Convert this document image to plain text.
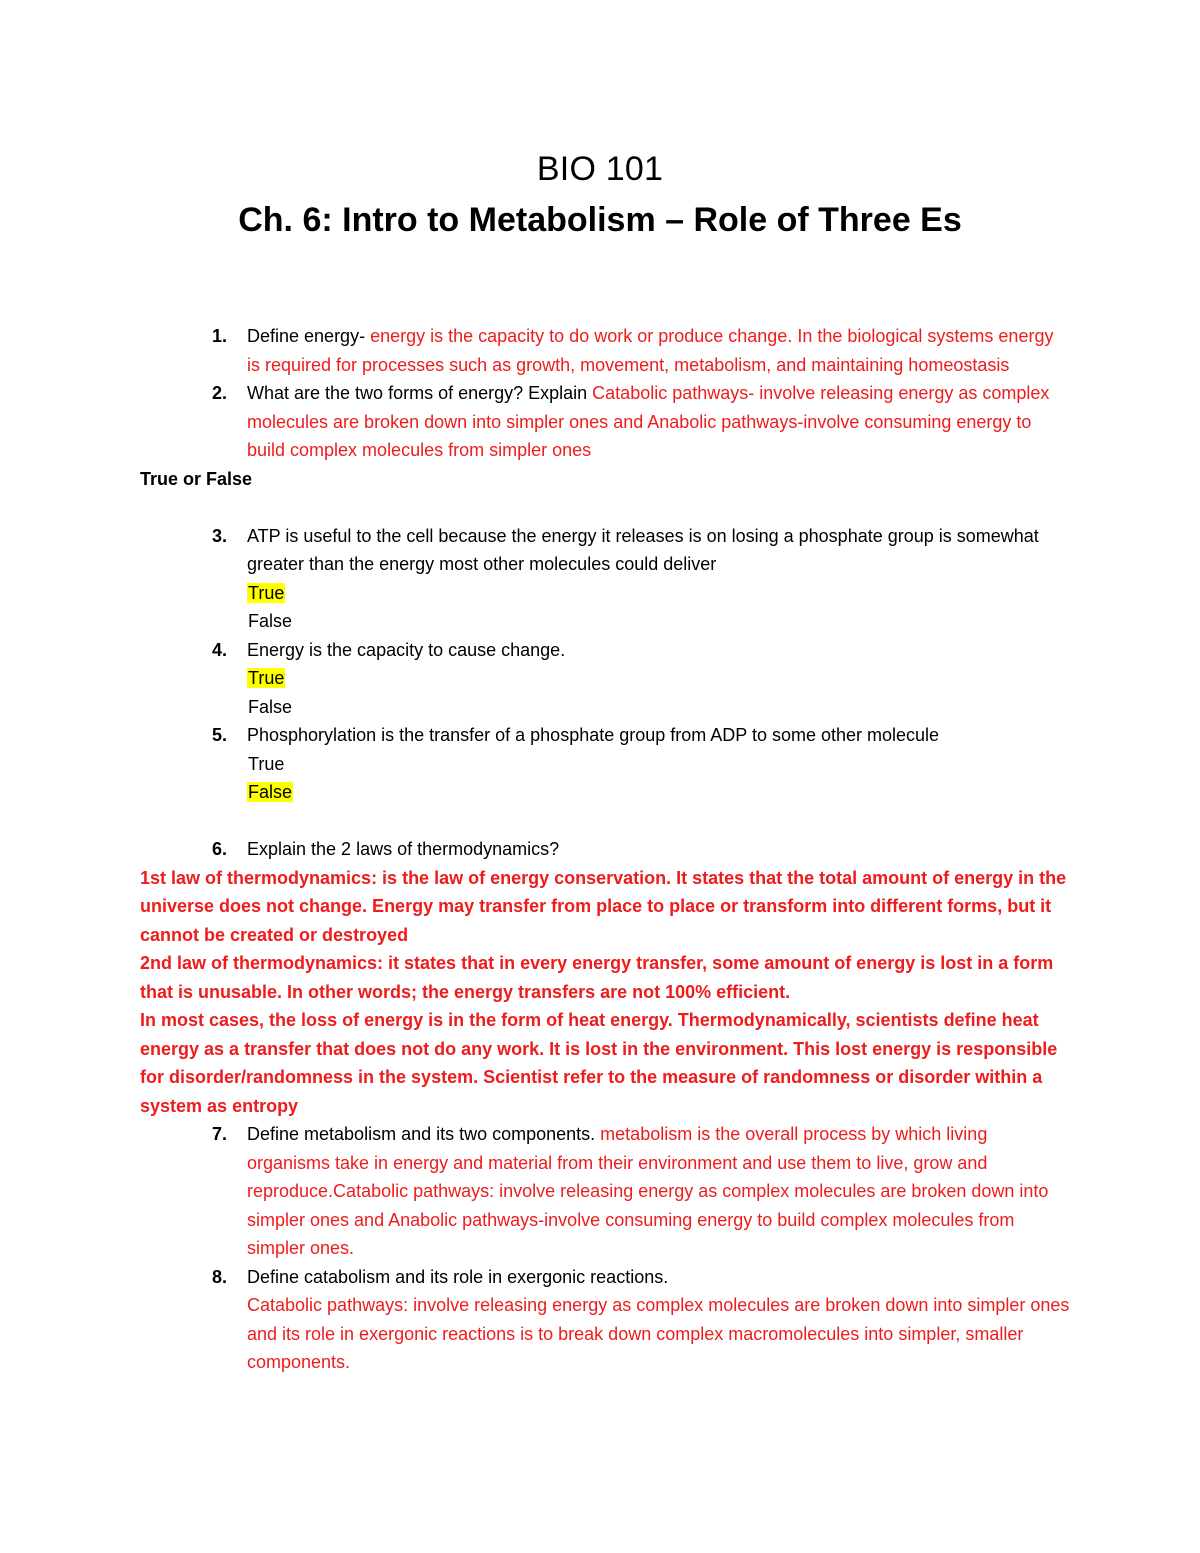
BIO 101
Ch. 6: Intro to Metabolism – Role of Three Es
1. Define energy- energy is the capacity to do work or produce change. In the biological systems energy is required for processes such as growth, movement, metabolism, and maintaining homeostasis
2. What are the two forms of energy? Explain Catabolic pathways- involve releasing energy as complex molecules are broken down into simpler ones and Anabolic pathways-involve consuming energy to build complex molecules from simpler ones

True or False

3. ATP is useful to the cell because the energy it releases is on losing a phosphate group is somewhat greater than the energy most other molecules could deliver
True
False
4. Energy is the capacity to cause change.
True
False
5. Phosphorylation is the transfer of a phosphate group from ADP to some other molecule
True
False
6. Explain the 2 laws of thermodynamics?

1st law of thermodynamics: is the law of energy conservation. It states that the total amount of energy in the universe does not change. Energy may transfer from place to place or transform into different forms, but it cannot be created or destroyed

2nd law of thermodynamics: it states that in every energy transfer, some amount of energy is lost in a form that is unusable. In other words; the energy transfers are not 100% efficient.

In most cases, the loss of energy is in the form of heat energy. Thermodynamically, scientists define heat energy as a transfer that does not do any work. It is lost in the environment. This lost energy is responsible for disorder/randomness in the system. Scientist refer to the measure of randomness or disorder within a system as entropy

7. Define metabolism and its two components. metabolism is the overall process by which living organisms take in energy and material from their environment and use them to live, grow and reproduce.Catabolic pathways: involve releasing energy as complex molecules are broken down into simpler ones and Anabolic pathways-involve consuming energy to build complex molecules from simpler ones.
8. Define catabolism and its role in exergonic reactions.
Catabolic pathways: involve releasing energy as complex molecules are broken down into simpler ones and its role in exergonic reactions is to break down complex macromolecules into simpler, smaller components.
